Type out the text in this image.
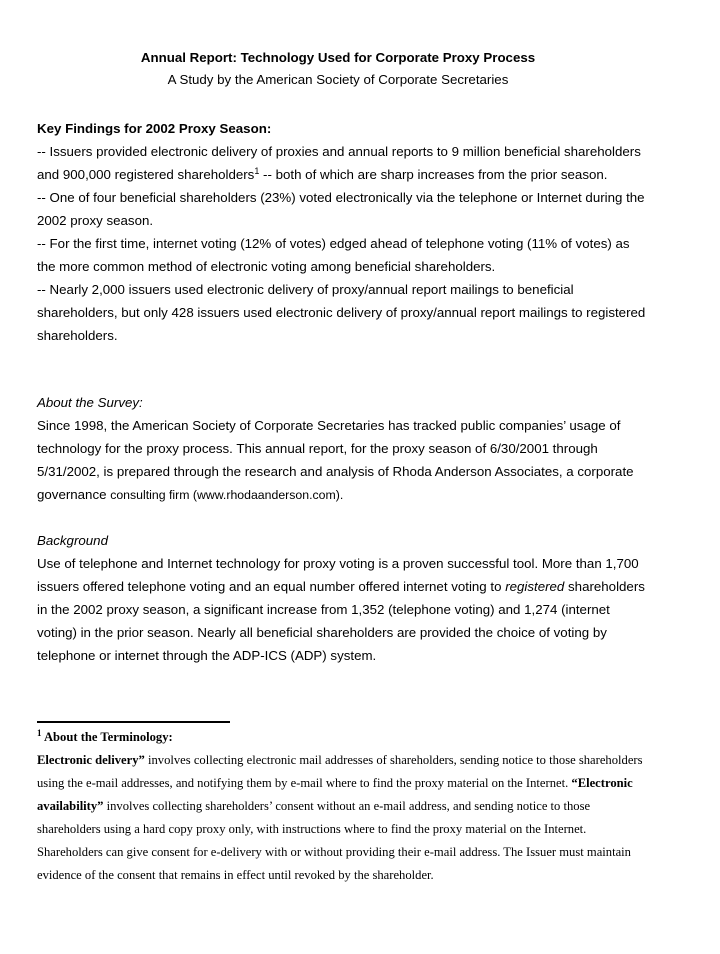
Annual Report: Technology Used for Corporate Proxy Process
A Study by the American Society of Corporate Secretaries

Key Findings for 2002 Proxy Season:

-- Issuers provided electronic delivery of proxies and annual reports to 9 million beneficial shareholders and 900,000 registered shareholders$^1$ -- both of which are sharp increases from the prior season.

-- One of four beneficial shareholders (23%) voted electronically via the telephone or Internet during the 2002 proxy season.

-- For the first time, internet voting (12% of votes) edged ahead of telephone voting (11% of votes) as the more common method of electronic voting among beneficial shareholders.

-- Nearly 2,000 issuers used electronic delivery of proxy/annual report mailings to beneficial shareholders, but only 428 issuers used electronic delivery of proxy/annual report mailings to registered shareholders.

About the Survey:

Since 1998, the American Society of Corporate Secretaries has tracked public companies’ usage of technology for the proxy process. This annual report, for the proxy season of 6/30/2001 through 5/31/2002, is prepared through the research and analysis of Rhoda Anderson Associates, a corporate governance consulting firm (www.rhodaanderson.com).

Background

Use of telephone and Internet technology for proxy voting is a proven successful tool. More than 1,700 issuers offered telephone voting and an equal number offered internet voting to registered shareholders in the 2002 proxy season, a significant increase from 1,352 (telephone voting) and 1,274 (internet voting) in the prior season. Nearly all beneficial shareholders are provided the choice of voting by telephone or internet through the ADP-ICS (ADP) system.

$^1$ About the Terminology:

Electronic delivery” involves collecting electronic mail addresses of shareholders, sending notice to those shareholders using the e-mail addresses, and notifying them by e-mail where to find the proxy material on the Internet. “Electronic availability” involves collecting shareholders’ consent without an e-mail address, and sending notice to those shareholders using a hard copy proxy only, with instructions where to find the proxy material on the Internet. Shareholders can give consent for e-delivery with or without providing their e-mail address. The Issuer must maintain evidence of the consent that remains in effect until revoked by the shareholder.
